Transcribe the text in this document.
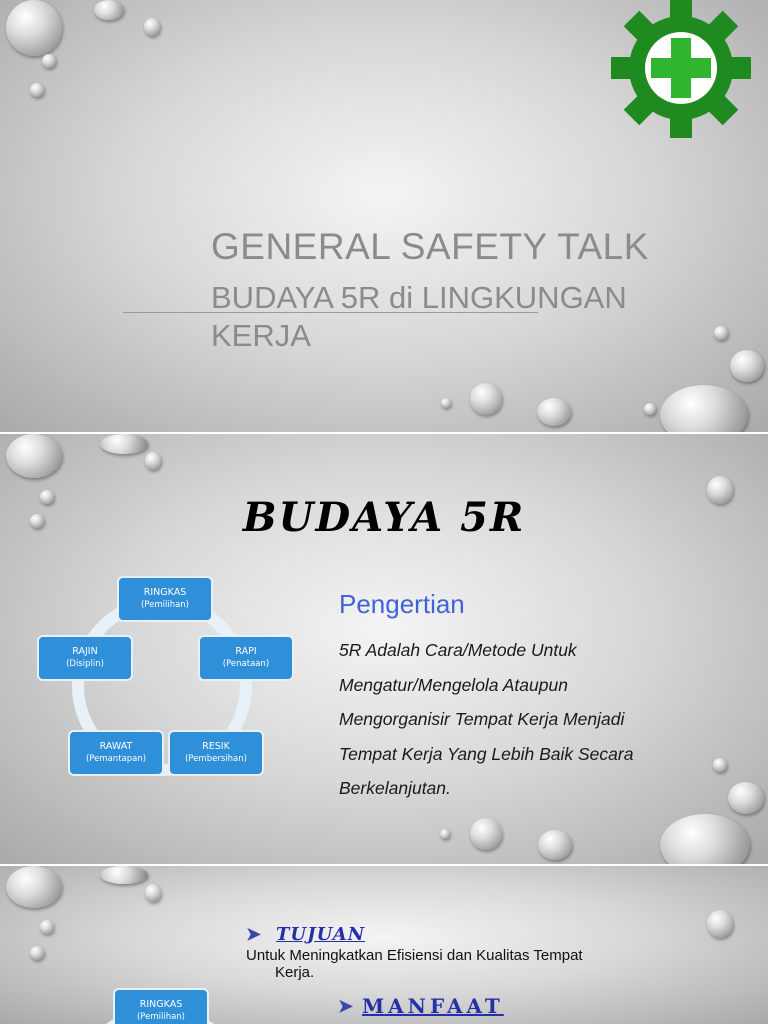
GENERAL SAFETY TALK
BUDAYA 5R di LINGKUNGAN KERJA
BUDAYA 5R
RINGKAS
(Pemilihan)
RAPI
(Penataan)
RESIK
(Pembersihan)
RAWAT
(Pemantapan)
RAJIN
(Disiplin)
Pengertian
5R Adalah Cara/Metode Untuk Mengatur/Mengelola Ataupun Mengorganisir Tempat Kerja Menjadi Tempat Kerja Yang Lebih Baik Secara Berkelanjutan.
➤ TUJUAN
Untuk Meningkatkan Efisiensi dan Kualitas Tempat
Kerja.
➤ MANFAAT
RINGKAS
(Pemilihan)
